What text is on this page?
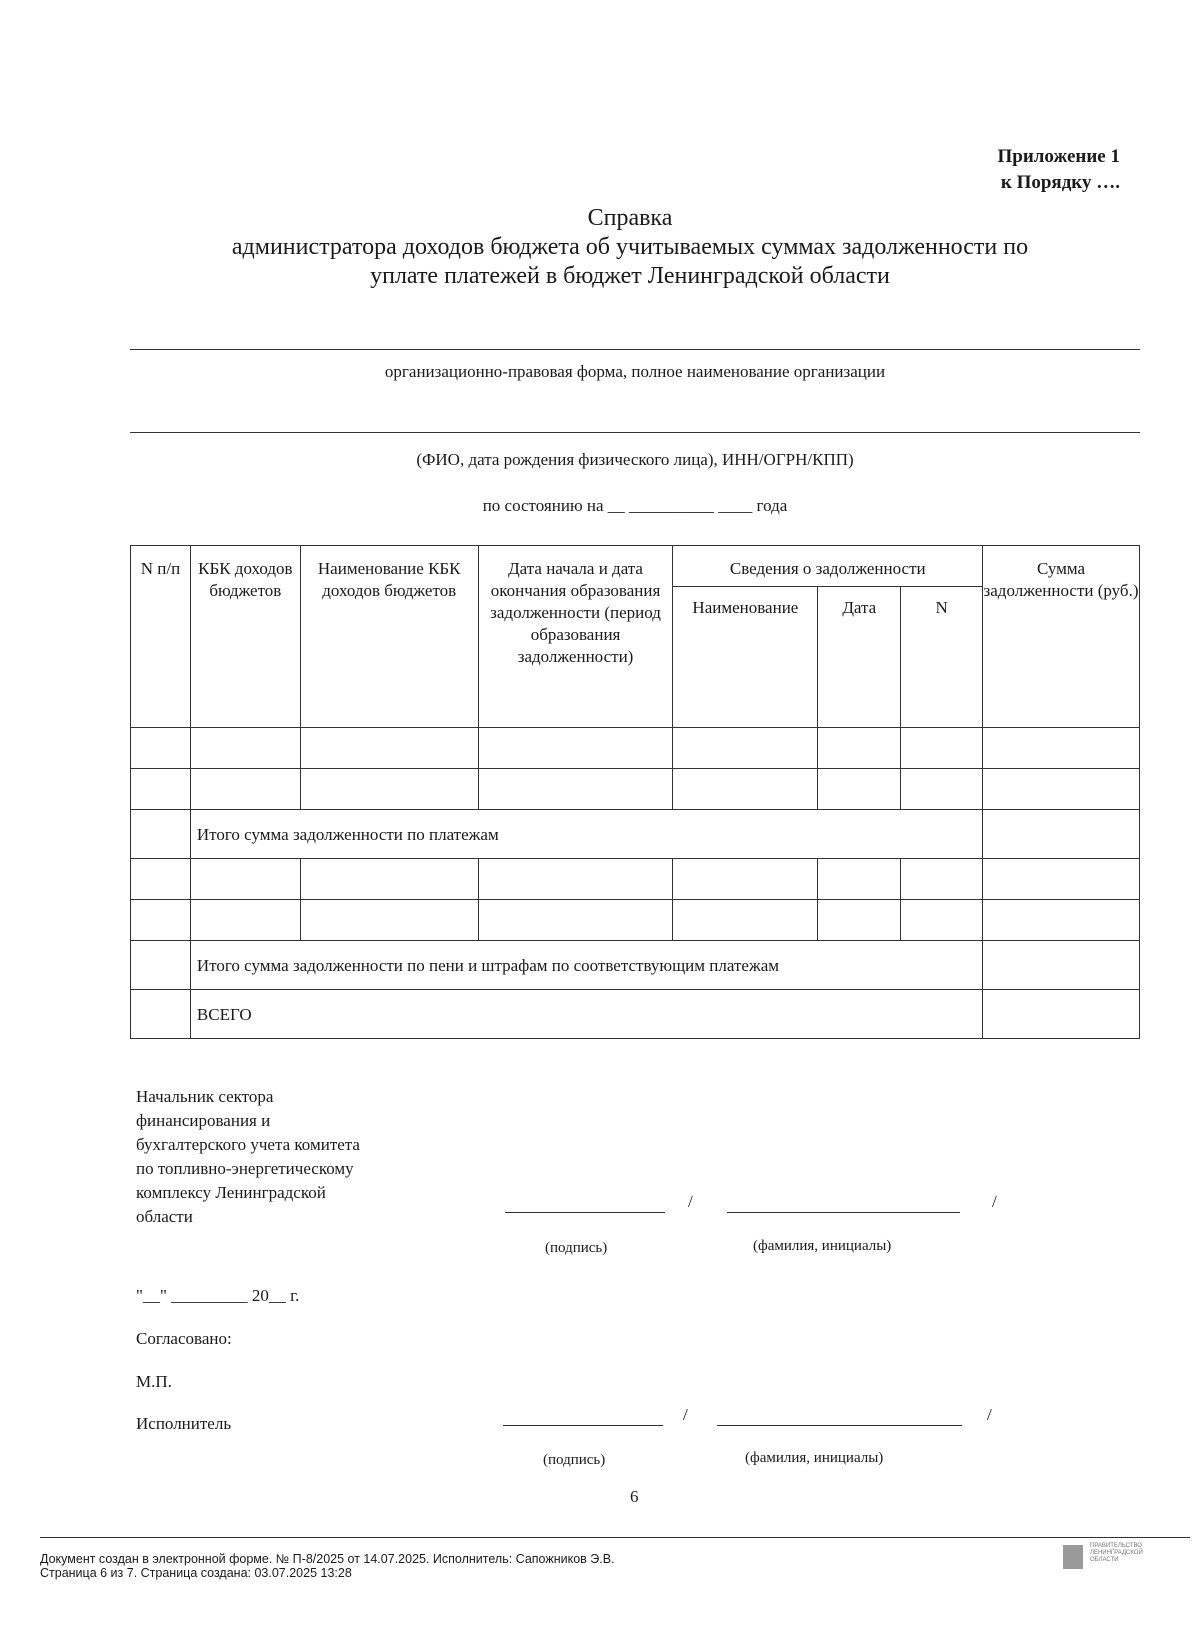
Приложение 1
к Порядку ….
Справка
администратора доходов бюджета об учитываемых суммах задолженности по
уплате платежей в бюджет Ленинградской области
организационно-правовая форма, полное наименование организации
(ФИО, дата рождения физического лица), ИНН/ОГРН/КПП)
по состоянию на __ __________ ____ года
N п/п	КБК доходов бюджетов	Наименование КБК доходов бюджетов	Дата начала и дата окончания образования задолженности (период образования задолженности)	Сведения о задолженности			Сумма задолженности (руб.)
				Наименование	Дата	N	

	Итого сумма задолженности по платежам						

	Итого сумма задолженности по пени и штрафам по соответствующим платежам						
	ВСЕГО						
Начальник сектора
финансирования и
бухгалтерского учета комитета
по топливно-энергетическому
комплексу Ленинградской
области
/	/
(подпись)	(фамилия, инициалы)
"__" _________ 20__ г.
Согласовано:
М.П.
Исполнитель	/	/
(подпись)	(фамилия, инициалы)
6
Документ создан в электронной форме. № П-8/2025 от 14.07.2025. Исполнитель: Сапожников Э.В.
Страница 6 из 7. Страница создана: 03.07.2025 13:28
ПРАВИТЕЛЬСТВО
ЛЕНИНГРАДСКОЙ
ОБЛАСТИ
